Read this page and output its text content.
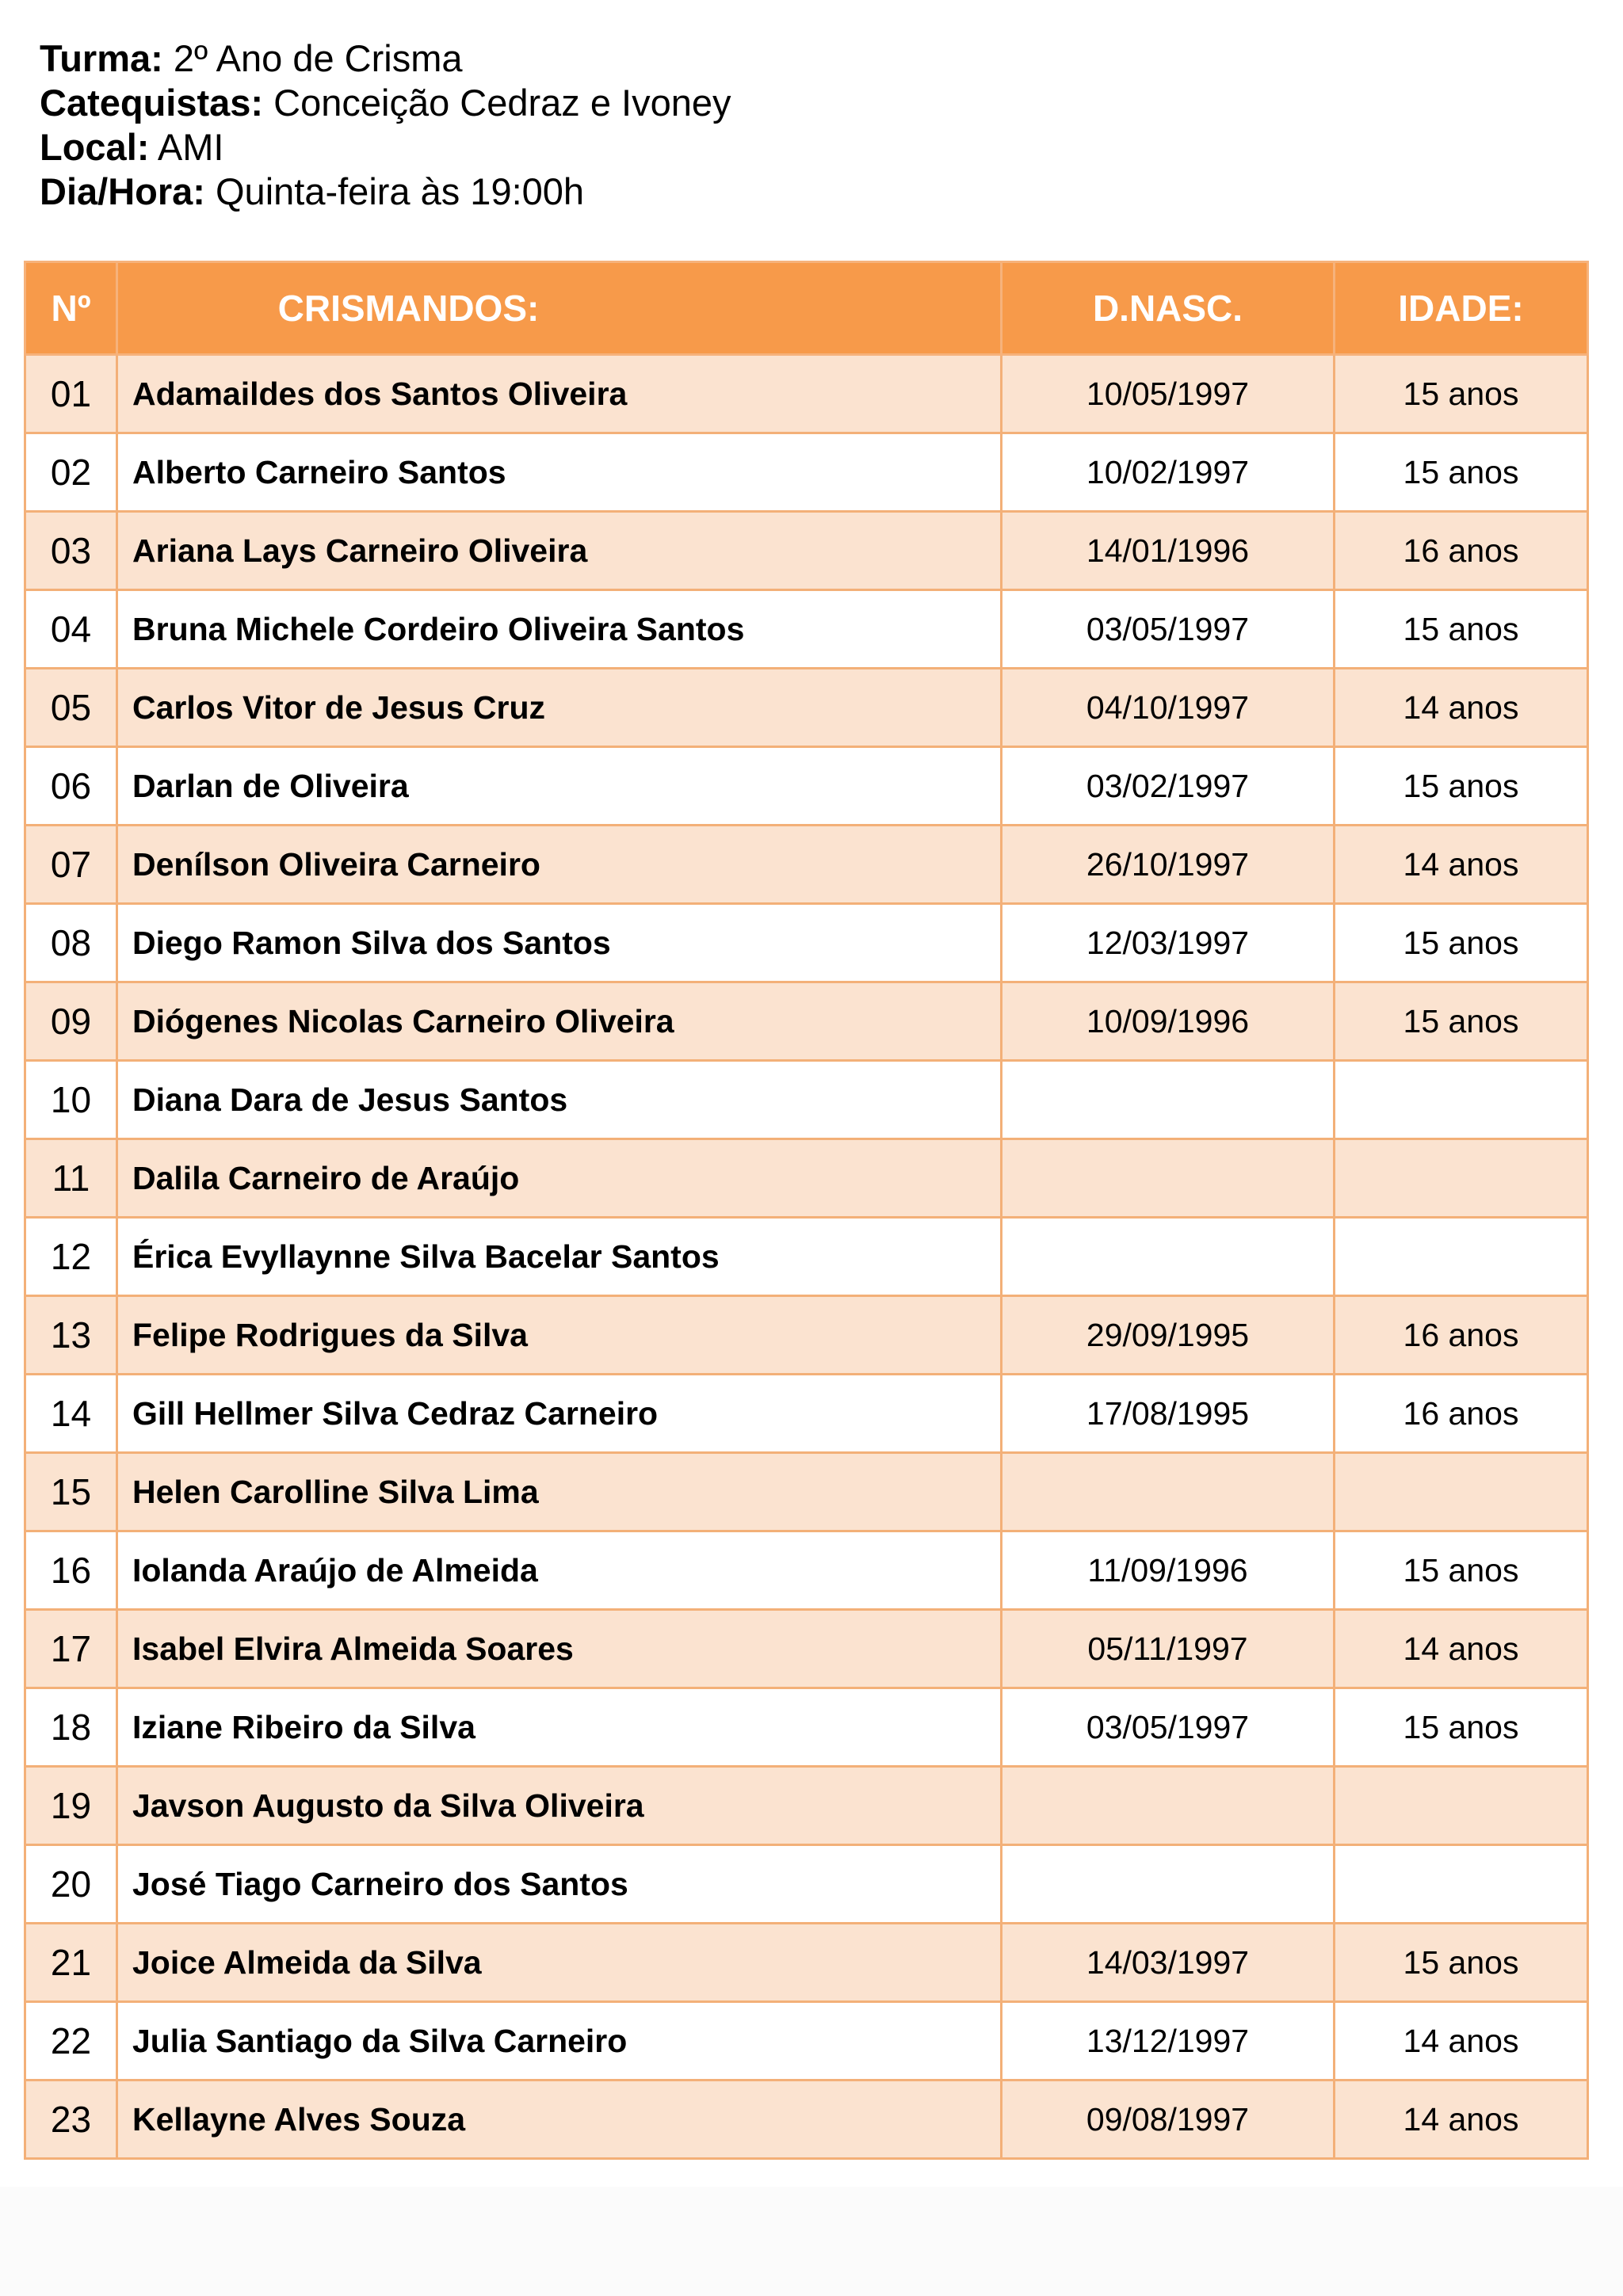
Turma: 2º Ano de Crisma
Catequistas: Conceição Cedraz e Ivoney
Local: AMI
Dia/Hora: Quinta-feira às 19:00h
Nº	CRISMANDOS:	D.NASC.	IDADE:
01	Adamaildes dos Santos Oliveira	10/05/1997	15 anos
02	Alberto Carneiro Santos	10/02/1997	15 anos
03	Ariana Lays Carneiro Oliveira	14/01/1996	16 anos
04	Bruna Michele Cordeiro Oliveira Santos	03/05/1997	15 anos
05	Carlos Vitor de Jesus Cruz	04/10/1997	14 anos
06	Darlan de Oliveira	03/02/1997	15 anos
07	Denílson Oliveira Carneiro	26/10/1997	14 anos
08	Diego Ramon Silva dos Santos	12/03/1997	15 anos
09	Diógenes Nicolas Carneiro Oliveira	10/09/1996	15 anos
10	Diana Dara de Jesus Santos		
11	Dalila Carneiro de Araújo		
12	Érica Evyllaynne Silva Bacelar Santos		
13	Felipe Rodrigues da Silva	29/09/1995	16 anos
14	Gill Hellmer Silva Cedraz Carneiro	17/08/1995	16 anos
15	Helen Carolline Silva Lima		
16	Iolanda Araújo de Almeida	11/09/1996	15 anos
17	Isabel Elvira Almeida Soares	05/11/1997	14 anos
18	Iziane Ribeiro da Silva	03/05/1997	15 anos
19	Javson Augusto da Silva Oliveira		
20	José Tiago Carneiro dos Santos		
21	Joice Almeida da Silva	14/03/1997	15 anos
22	Julia Santiago da Silva Carneiro	13/12/1997	14 anos
23	Kellayne Alves Souza	09/08/1997	14 anos
